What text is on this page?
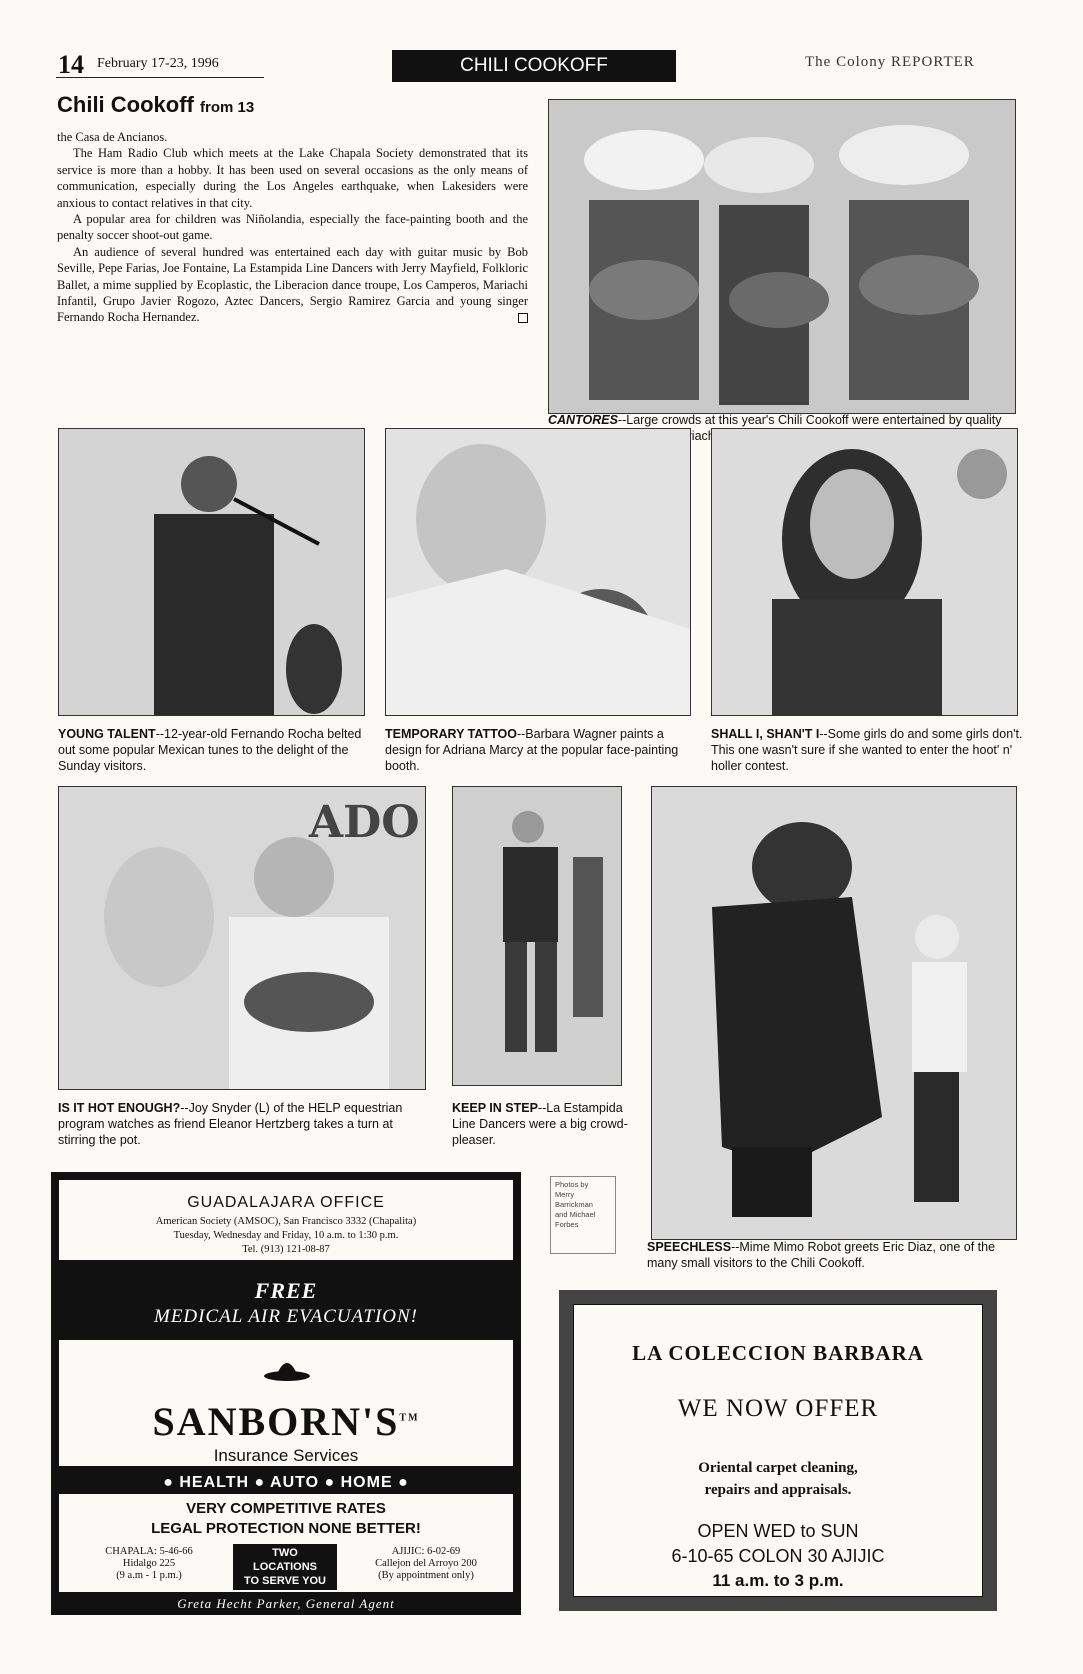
14 February 17-23, 1996	CHILI COOKOFF	The Colony REPORTER
Chili Cookoff from 13

the Casa de Ancianos.

The Ham Radio Club which meets at the Lake Chapala Society demonstrated that its service is more than a hobby. It has been used on several occasions as the only means of communication, especially during the Los Angeles earthquake, when Lakesiders were anxious to contact relatives in that city.

A popular area for children was Niñolandia, especially the face-painting booth and the penalty soccer shoot-out game.

An audience of several hundred was entertained each day with guitar music by Bob Seville, Pepe Farias, Joe Fontaine, La Estampida Line Dancers with Jerry Mayfield, Folkloric Ballet, a mime supplied by Ecoplastic, the Liberacion dance troupe, Los Camperos, Mariachi Infantil, Grupo Javier Rogozo, Aztec Dancers, Sergio Ramirez Garcia and young singer Fernando Rocha Hernandez.

CANTORES--Large crowds at this year's Chili Cookoff were entertained by quality Mariachi
YOUNG TALENT--12-year-old Fernando Rocha belted out some popular Mexican tunes to the delight of the Sunday visitors.
TEMPORARY TATTOO--Barbara Wagner paints a design for Adriana Marcy at the popular face-painting booth.
SHALL I, SHAN'T I--Some girls do and some girls don't. This one wasn't sure if she wanted to enter the hoot' n' holler contest.
ADO
IS IT HOT ENOUGH?--Joy Snyder (L) of the HELP equestrian program watches as friend Eleanor Hertzberg takes a turn at stirring the pot.
KEEP IN STEP--La Estampida Line Dancers were a big crowd-pleaser.
SPEECHLESS--Mime Mimo Robot greets Eric Diaz, one of the many small visitors to the Chili Cookoff.
Photos by
Merry
Barrickman
and Michael
Forbes
GUADALAJARA OFFICE
American Society (AMSOC), San Francisco 3332 (Chapalita)
Tuesday, Wednesday and Friday, 10 a.m. to 1:30 p.m.
Tel. (913) 121-08-87
FREE
MEDICAL AIR EVACUATION!
SANBORN'S™
Insurance Services
● HEALTH ● AUTO ● HOME ●
VERY COMPETITIVE RATES
LEGAL PROTECTION NONE BETTER!
CHAPALA: 5-46-66
Hidalgo 225
(9 a.m - 1 p.m.)
TWO
LOCATIONS
TO SERVE YOU
AJIJIC: 6-02-69
Callejon del Arroyo 200
(By appointment only)
Greta Hecht Parker, General Agent
LA COLECCION BARBARA
WE NOW OFFER
Oriental carpet cleaning,
repairs and appraisals.
OPEN WED to SUN
6-10-65 COLON 30 AJIJIC
11 a.m. to 3 p.m.
